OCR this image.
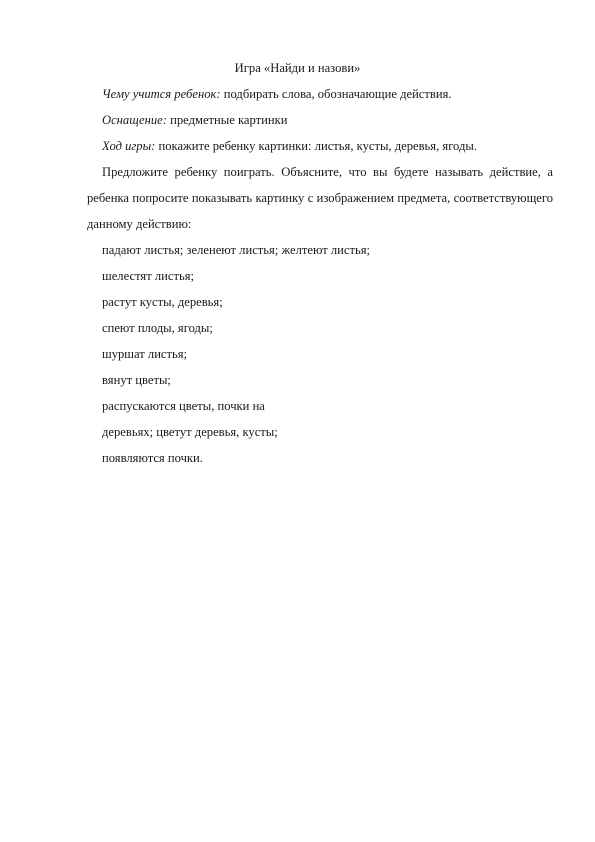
Игра «Найди и назови»
Чему учится ребенок: подбирать слова, обозначающие действия.
Оснащение: предметные картинки
Ход игры: покажите ребенку картинки: листья, кусты, деревья, ягоды.
Предложите ребенку поиграть. Объясните, что вы будете называть действие, а ребенка попросите показывать картинку с изображением предмета, соответствующего данному действию:
падают листья; зеленеют листья; желтеют листья;
шелестят листья;
растут кусты, деревья;
спеют плоды, ягоды;
шуршат листья;
вянут цветы;
распускаются цветы, почки на
деревьях; цветут деревья, кусты;
появляются почки.
